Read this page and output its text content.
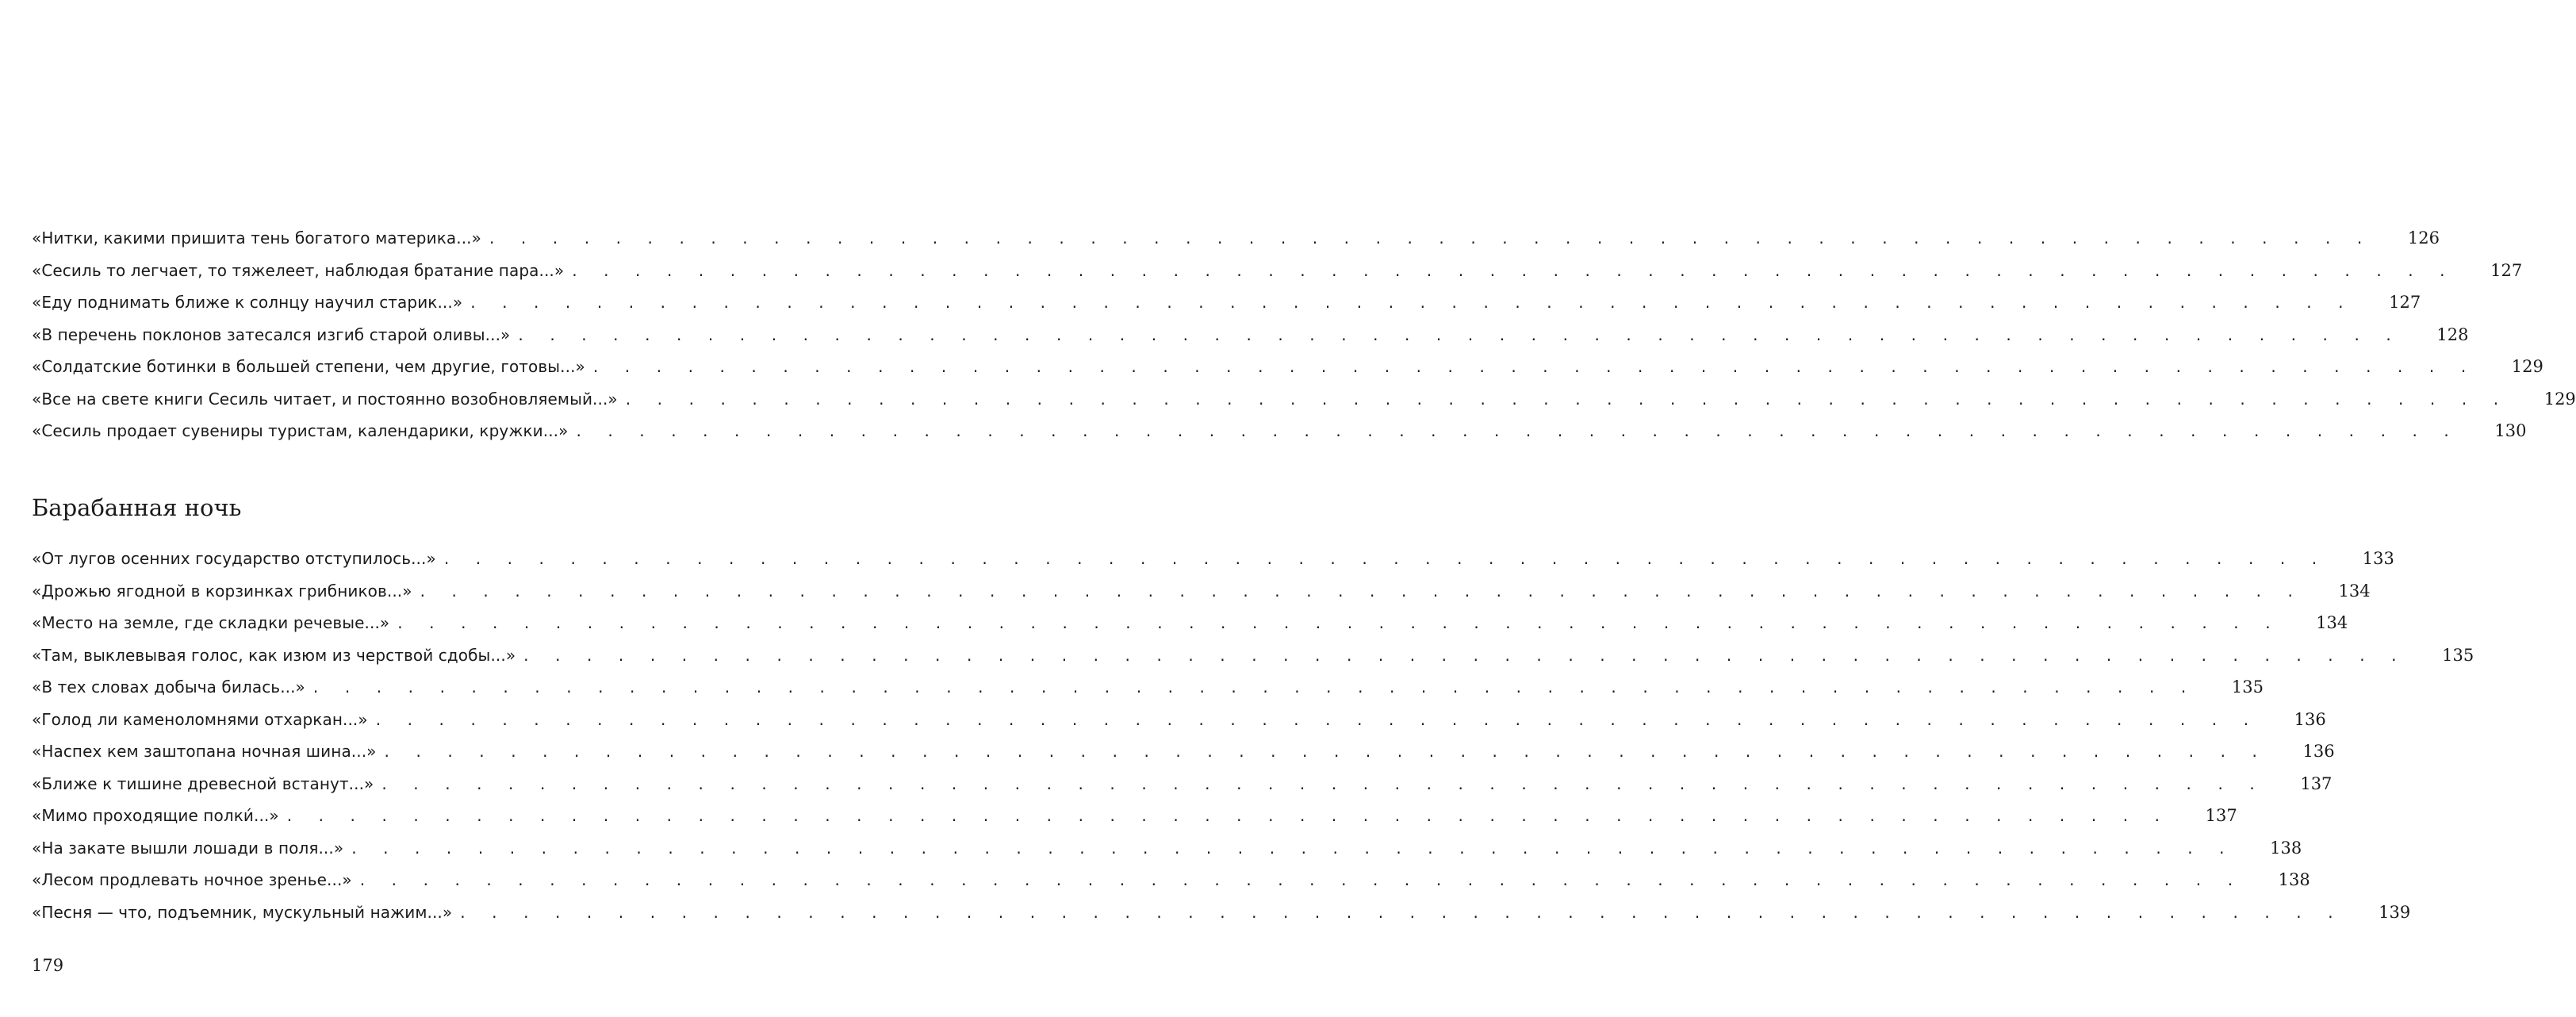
«Нитки, какими пришита тень богатого материка...» . . . . . . . . . . . . . . . . . . . . . . . . . . . . . . . . . . . . . . . . . . . . . . . . . . . . . . . . . . . . 126
«Сесиль то легчает, то тяжелеет, наблюдая братание пара...» . . . . . . . . . . . . . . . . . . . . . . . . . . . . . . . . . . . . . . . . . . . . . . . . . . . . . . . . . . . . 127
«Еду поднимать ближе к солнцу научил старик...» . . . . . . . . . . . . . . . . . . . . . . . . . . . . . . . . . . . . . . . . . . . . . . . . . . . . . . . . . . . . 127
«В перечень поклонов затесался изгиб старой оливы...» . . . . . . . . . . . . . . . . . . . . . . . . . . . . . . . . . . . . . . . . . . . . . . . . . . . . . . . . . . . . 128
«Солдатские ботинки в большей степени, чем другие, готовы...» . . . . . . . . . . . . . . . . . . . . . . . . . . . . . . . . . . . . . . . . . . . . . . . . . . . . . . . . . . . . 129
«Все на свете книги Сесиль читает, и постоянно возобновляемый...» . . . . . . . . . . . . . . . . . . . . . . . . . . . . . . . . . . . . . . . . . . . . . . . . . . . . . . . . . . . . 129
«Сесиль продает сувениры туристам, календарики, кружки...» . . . . . . . . . . . . . . . . . . . . . . . . . . . . . . . . . . . . . . . . . . . . . . . . . . . . . . . . . . . . 130
Барабанная ночь
«От лугов осенних государство отступилось...» . . . . . . . . . . . . . . . . . . . . . . . . . . . . . . . . . . . . . . . . . . . . . . . . . . . . . . . . . . . . 133
«Дрожью ягодной в корзинках грибников...» . . . . . . . . . . . . . . . . . . . . . . . . . . . . . . . . . . . . . . . . . . . . . . . . . . . . . . . . . . . . 134
«Место на земле, где складки речевые...» . . . . . . . . . . . . . . . . . . . . . . . . . . . . . . . . . . . . . . . . . . . . . . . . . . . . . . . . . . . . 134
«Там, выклевывая голос, как изюм из черствой сдобы...» . . . . . . . . . . . . . . . . . . . . . . . . . . . . . . . . . . . . . . . . . . . . . . . . . . . . . . . . . . . . 135
«В тех словах добыча билась...» . . . . . . . . . . . . . . . . . . . . . . . . . . . . . . . . . . . . . . . . . . . . . . . . . . . . . . . . . . . . 135
«Голод ли каменоломнями отхаркан...» . . . . . . . . . . . . . . . . . . . . . . . . . . . . . . . . . . . . . . . . . . . . . . . . . . . . . . . . . . . . 136
«Наспех кем заштопана ночная шина...» . . . . . . . . . . . . . . . . . . . . . . . . . . . . . . . . . . . . . . . . . . . . . . . . . . . . . . . . . . . . 136
«Ближе к тишине древесной встанут...» . . . . . . . . . . . . . . . . . . . . . . . . . . . . . . . . . . . . . . . . . . . . . . . . . . . . . . . . . . . . 137
«Мимо проходящие полки́...» . . . . . . . . . . . . . . . . . . . . . . . . . . . . . . . . . . . . . . . . . . . . . . . . . . . . . . . . . . . . 137
«На закате вышли лошади в поля...» . . . . . . . . . . . . . . . . . . . . . . . . . . . . . . . . . . . . . . . . . . . . . . . . . . . . . . . . . . . . 138
«Лесом продлевать ночное зренье...» . . . . . . . . . . . . . . . . . . . . . . . . . . . . . . . . . . . . . . . . . . . . . . . . . . . . . . . . . . . . 138
«Песня — что, подъемник, мускульный нажим...» . . . . . . . . . . . . . . . . . . . . . . . . . . . . . . . . . . . . . . . . . . . . . . . . . . . . . . . . . . . . 139
179
